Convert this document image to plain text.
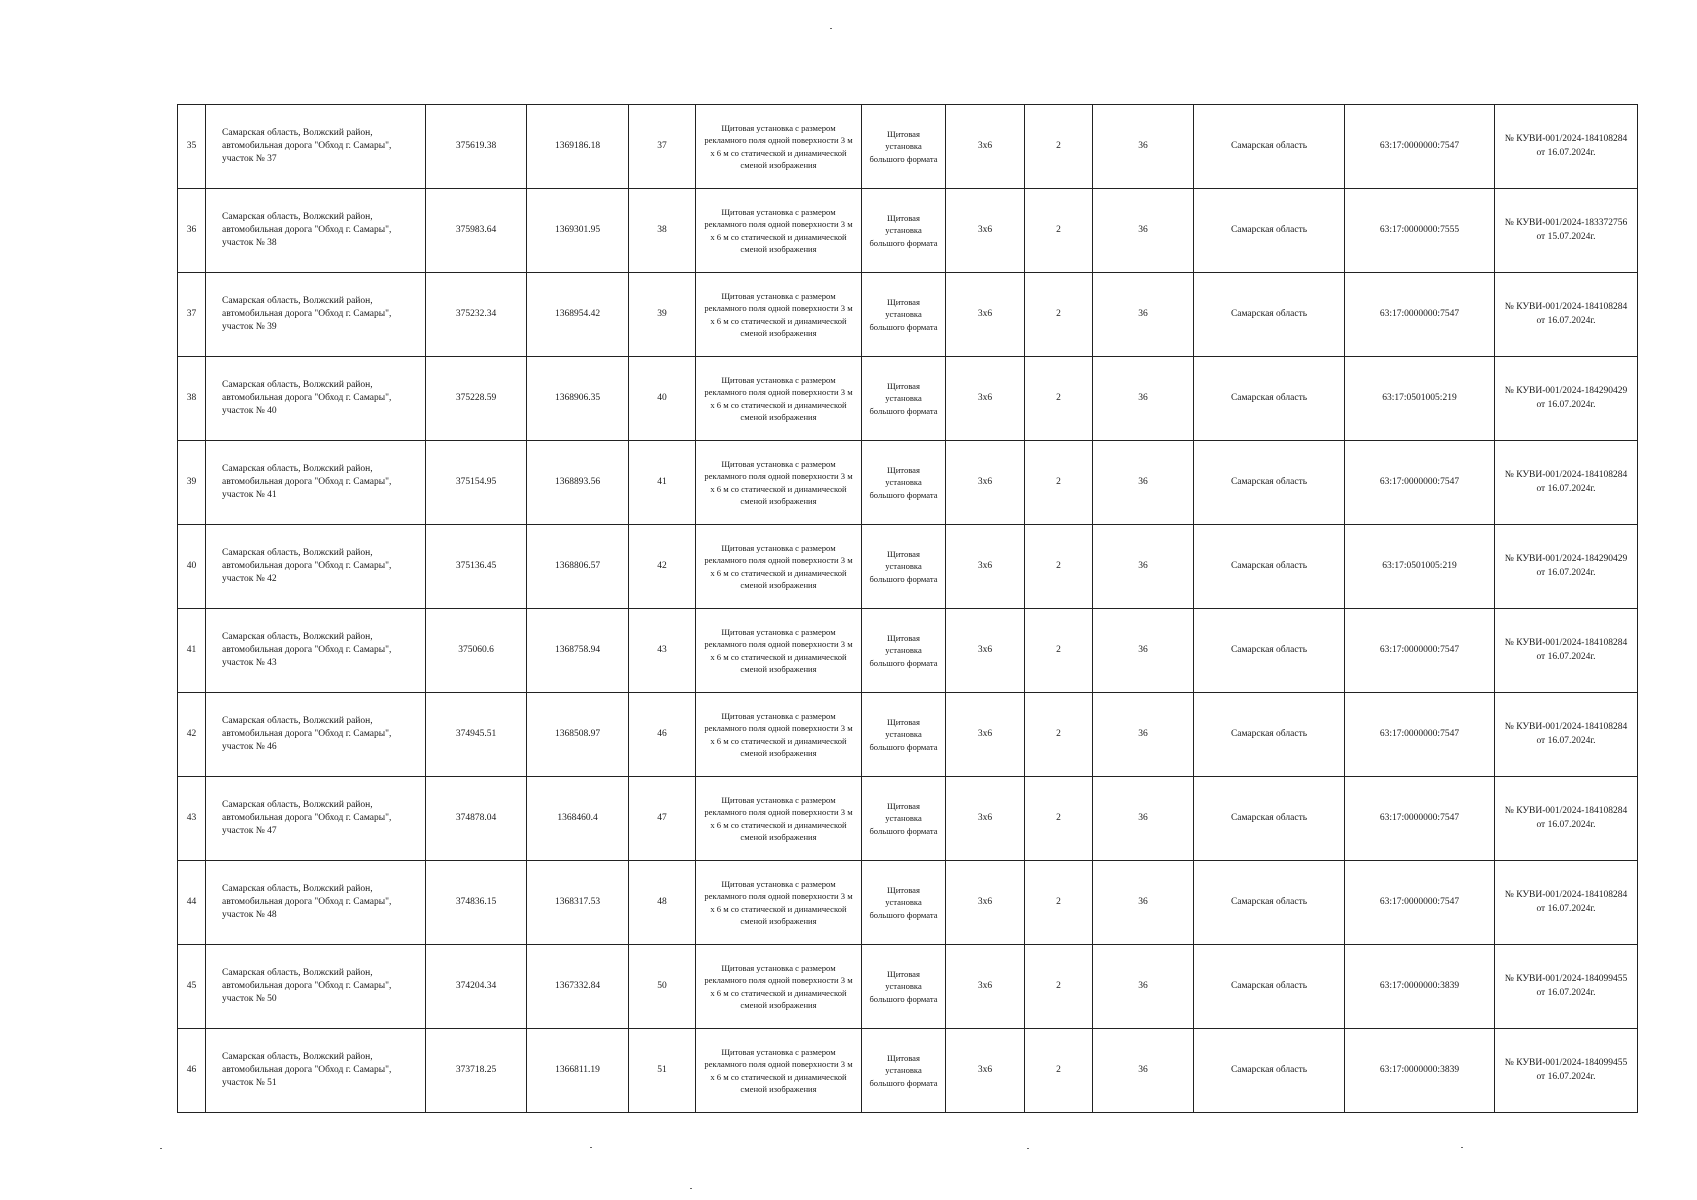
35	Самарская область, Волжский район, автомобильная дорога "Обход г. Самары", участок № 37	375619.38	1369186.18	37	Щитовая установка с размером рекламного поля одной поверхности 3 м х 6 м со статической и динамической сменой изображения	Щитовая установка большого формата	3х6	2	36	Самарская область	63:17:0000000:7547	№ КУВИ-001/2024-184108284
от 16.07.2024г.

36	Самарская область, Волжский район, автомобильная дорога "Обход г. Самары", участок № 38	375983.64	1369301.95	38	Щитовая установка с размером рекламного поля одной поверхности 3 м х 6 м со статической и динамической сменой изображения	Щитовая установка большого формата	3х6	2	36	Самарская область	63:17:0000000:7555	№ КУВИ-001/2024-183372756
от 15.07.2024г.

37	Самарская область, Волжский район, автомобильная дорога "Обход г. Самары", участок № 39	375232.34	1368954.42	39	Щитовая установка с размером рекламного поля одной поверхности 3 м х 6 м со статической и динамической сменой изображения	Щитовая установка большого формата	3х6	2	36	Самарская область	63:17:0000000:7547	№ КУВИ-001/2024-184108284
от 16.07.2024г.

38	Самарская область, Волжский район, автомобильная дорога "Обход г. Самары", участок № 40	375228.59	1368906.35	40	Щитовая установка с размером рекламного поля одной поверхности 3 м х 6 м со статической и динамической сменой изображения	Щитовая установка большого формата	3х6	2	36	Самарская область	63:17:0501005:219	№ КУВИ-001/2024-184290429
от 16.07.2024г.

39	Самарская область, Волжский район, автомобильная дорога "Обход г. Самары", участок № 41	375154.95	1368893.56	41	Щитовая установка с размером рекламного поля одной поверхности 3 м х 6 м со статической и динамической сменой изображения	Щитовая установка большого формата	3х6	2	36	Самарская область	63:17:0000000:7547	№ КУВИ-001/2024-184108284
от 16.07.2024г.

40	Самарская область, Волжский район, автомобильная дорога "Обход г. Самары", участок № 42	375136.45	1368806.57	42	Щитовая установка с размером рекламного поля одной поверхности 3 м х 6 м со статической и динамической сменой изображения	Щитовая установка большого формата	3х6	2	36	Самарская область	63:17:0501005:219	№ КУВИ-001/2024-184290429
от 16.07.2024г.

41	Самарская область, Волжский район, автомобильная дорога "Обход г. Самары", участок № 43	375060.6	1368758.94	43	Щитовая установка с размером рекламного поля одной поверхности 3 м х 6 м со статической и динамической сменой изображения	Щитовая установка большого формата	3х6	2	36	Самарская область	63:17:0000000:7547	№ КУВИ-001/2024-184108284
от 16.07.2024г.

42	Самарская область, Волжский район, автомобильная дорога "Обход г. Самары", участок № 46	374945.51	1368508.97	46	Щитовая установка с размером рекламного поля одной поверхности 3 м х 6 м со статической и динамической сменой изображения	Щитовая установка большого формата	3х6	2	36	Самарская область	63:17:0000000:7547	№ КУВИ-001/2024-184108284
от 16.07.2024г.

43	Самарская область, Волжский район, автомобильная дорога "Обход г. Самары", участок № 47	374878.04	1368460.4	47	Щитовая установка с размером рекламного поля одной поверхности 3 м х 6 м со статической и динамической сменой изображения	Щитовая установка большого формата	3х6	2	36	Самарская область	63:17:0000000:7547	№ КУВИ-001/2024-184108284
от 16.07.2024г.

44	Самарская область, Волжский район, автомобильная дорога "Обход г. Самары", участок № 48	374836.15	1368317.53	48	Щитовая установка с размером рекламного поля одной поверхности 3 м х 6 м со статической и динамической сменой изображения	Щитовая установка большого формата	3х6	2	36	Самарская область	63:17:0000000:7547	№ КУВИ-001/2024-184108284
от 16.07.2024г.

45	Самарская область, Волжский район, автомобильная дорога "Обход г. Самары", участок № 50	374204.34	1367332.84	50	Щитовая установка с размером рекламного поля одной поверхности 3 м х 6 м со статической и динамической сменой изображения	Щитовая установка большого формата	3х6	2	36	Самарская область	63:17:0000000:3839	№ КУВИ-001/2024-184099455
от 16.07.2024г.

46	Самарская область, Волжский район, автомобильная дорога "Обход г. Самары", участок № 51	373718.25	1366811.19	51	Щитовая установка с размером рекламного поля одной поверхности 3 м х 6 м со статической и динамической сменой изображения	Щитовая установка большого формата	3х6	2	36	Самарская область	63:17:0000000:3839	№ КУВИ-001/2024-184099455
от 16.07.2024г.
